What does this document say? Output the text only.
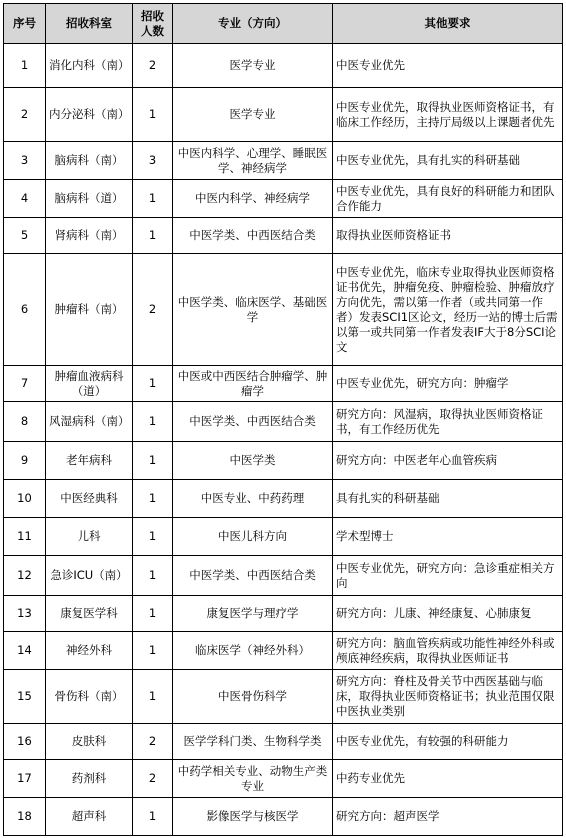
序号	招收科室	招收人数	专业（方向）	其他要求
1	消化内科（南）	2	医学专业	中医专业优先
2	内分泌科（南）	1	医学专业	中医专业优先，取得执业医师资格证书，有临床工作经历，主持厅局级以上课题者优先
3	脑病科（南）	3	中医内科学、心理学、睡眠医学、神经病学	中医专业优先，具有扎实的科研基础
4	脑病科（道）	1	中医内科学、神经病学	中医专业优先，具有良好的科研能力和团队合作能力
5	肾病科（南）	1	中医学类、中西医结合类	取得执业医师资格证书
6	肿瘤科（南）	2	中医学类、临床医学、基础医学	中医专业优先，临床专业取得执业医师资格证书优先，肿瘤免疫、肿瘤检验、肿瘤放疗方向优先，需以第一作者（或共同第一作者）发表SCI1区论文，经历一站的博士后需以第一或共同第一作者发表IF大于8分SCI论文
7	肿瘤血液病科（道）	1	中医或中西医结合肿瘤学、肿瘤学	中医专业优先，研究方向：肿瘤学
8	风湿病科（南）	1	中医学类、中西医结合类	研究方向：风湿病，取得执业医师资格证书，有工作经历优先
9	老年病科	1	中医学类	研究方向：中医老年心血管疾病
10	中医经典科	1	中医专业、中药药理	具有扎实的科研基础
11	儿科	1	中医儿科方向	学术型博士
12	急诊ICU（南）	1	中医学类、中西医结合类	中医专业优先，研究方向：急诊重症相关方向
13	康复医学科	1	康复医学与理疗学	研究方向：儿康、神经康复、心肺康复
14	神经外科	1	临床医学（神经外科）	研究方向：脑血管疾病或功能性神经外科或颅底神经疾病，取得执业医师证书
15	骨伤科（南）	1	中医骨伤科学	研究方向：脊柱及骨关节中西医基础与临床，取得执业医师资格证书；执业范围仅限中医执业类别
16	皮肤科	2	医学学科门类、生物科学类	中医专业优先，有较强的科研能力
17	药剂科	2	中药学相关专业、动物生产类专业	中药专业优先
18	超声科	1	影像医学与核医学	研究方向：超声医学
